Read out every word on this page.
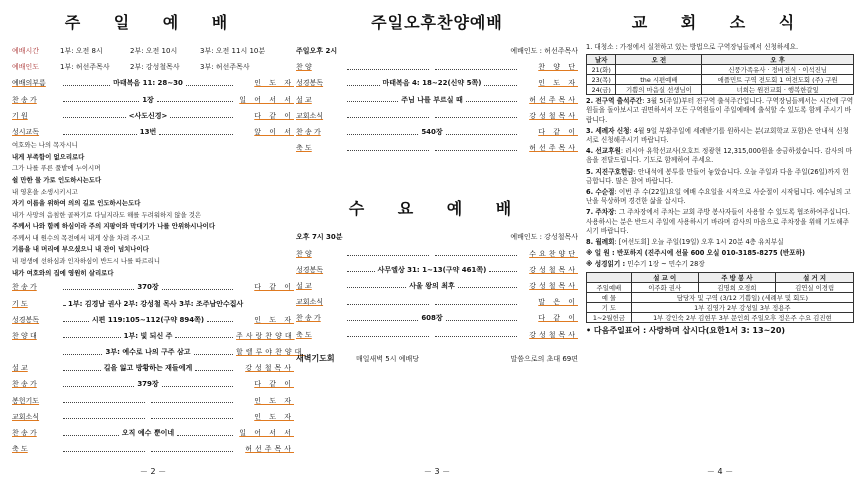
주 일 예 배
예배시간	1부: 오전 8시	2부: 오전 10시	3부: 오전 11시 10분
예배인도	1부: 허선주목사	2부: 강성철목사	3부: 허선주목사
예배의부름	마태복음 11: 28~30	인 도 자
찬 송 가	1장	일 어 서 서
기 원	<사도신경>	다 같 이
성시교독	13번	앞 이 서
여호와는 나의 목자시니
내게 부족함이 없으리로다
그가 나를 푸른 풀밭에 누이시며
쉴 만한 물 가로 인도하시는도다
내 영혼을 소생시키시고
자기 이름을 위하여 의의 길로 인도하시는도다
내가 사망의 음침한 골짜기로 다닐지라도 해를 두려워하지 않을 것은
주께서 나와 함께 하심이라 주의 지팡이와 막대기가 나를 안위하시나이다
주께서 내 원수의 목전에서 내게 상을 차려 주시고
기름을 내 머리에 부으셨으니 내 잔이 넘치나이다
내 평생에 선하심과 인자하심이 반드시 나를 따르리니
내가 여호와의 집에 영원히 살리로다
찬 송 가	370장	다 같 이
기 도	1부: 김경남 권사 2부: 강성철 목사 3부: 조주남안수집사
성경봉독	시편 119:105~112(구약 894쪽)	인 도 자
찬 양 대	1부: 빛 되신 주	주사랑찬양대
3부: 예수로 나의 구주 삼고	할렐루야찬양대
설 교	길을 잃고 방황하는 재들에게	강성철목사
찬 송 가	379장	다 같 이
봉헌기도	인 도 자
교회소식	인 도 자
찬 송 가	오직 예수 뿐이네	일 어 서 서
축 도	허선주목사
－ 2 －
주일오후찬양예배
주일오후 2시	예배인도 : 허선주목사
찬 양	찬 양 단
성경봉독	마태복음 4: 18~22(신약 5쪽)	인 도 자
설 교	주님 나를 부르실 때	허선주목사
교회소식	강성철목사
찬 송 가	540장	다 같 이
축 도	허선주목사
수 요 예 배
오후 7시 30분	예배인도 : 강성철목사
찬 양	수요찬양단
성경봉독	사무엘상 31: 1~13(구약 461쪽)	강성철목사
설 교	사울 왕의 최후	강성철목사
교회소식	말 은 이
찬 송 가	608장	다 같 이
축 도	강성철목사
새벽기도회	매일새벽 5시 예배당	말씀으로의 초대 69편
－ 3 －
교 회 소 식
1. 대청소 : 가정에서 실천하고 있는 방법으로 구역장님들께서 신청하세요.
날자	오 전	오 후
21(화)		신풍가족유사 · 정비전식 · 이석진님
23(목)	the 시편예배	애플민트 구역 전도회 1 여전도회 (주) 구원
24(금)	기쁨의 마음실 선생님이	너희는 원전교회 · 행복한갈잎
2. 전구역 출석주간: 3월 5(주일)부터 전구역 출석주간입니다. 구역장님들께서는 시간에 구역원들을 돌아보시고 권면하셔서 모든 구역원들이 주일예배에 출석할 수 있도록 함께 주시기 바랍니다.
3. 세례자 신청: 4월 9일 부활주일에 세례받기를 원하시는 분(교회학교 포함)은 안내석 신청서로 신청해주시기 바랍니다.
4. 선교후원: 러시아 유학선교사(오호트 정광현 12,315,000원을 송금하셨습니다. 감사의 마음을 전달드립니다. 기도로 함께하여 주세요.
5. 지진구호헌금: 안내석에 봉투를 만들어 놓았습니다. 오늘 주일과 다음 주일(26일)까지 헌금합니다. 많은 참여 바랍니다.
6. 수순절: 이번 주 수(22일)요일 예배 수요일을 시작으로 사순절이 시작됩니다. 예수님의 고난을 묵상하며 경건한 삶을 삽시다.
7. 주차장: 그 주차장에서 주차는 교회 주방 봉사자들이 사용할 수 있도록 협조하여주십니다. 사용하시는 분은 반드시 주일에 사용하시기 바라며 감사의 마음으로 주차장을 위해 기도해주시기 바랍니다.
8. 월례회: [여선도회] 오늘 주일(19일) 오후 1시 20분 4층 유치부실
※ 일 원 : 반포하지 (진주시에 선물 600 오실 010-3185-8275 (반포하)
※ 성경읽기 : 민수기 1장 ~ 민수기 28장
	설 교 이	주 방 봉 사	설 거 지
주일예배	이주화 권사	김명희 오경희	김연실 이경림
예 물	담당자 및 구역 (3/12 기쁨일) (세례부 및 회도)		
기 도	1부 김영가 2부 강성일 3부 정용주		
1~2월헌금	1부 강인숙 2부 김현무 3부 문인희 주일오후 정은주 수요 김진현		
• 다음주일표어 : 사랑하며 삽시다(요한1서 3: 13~20)
－ 4 －
